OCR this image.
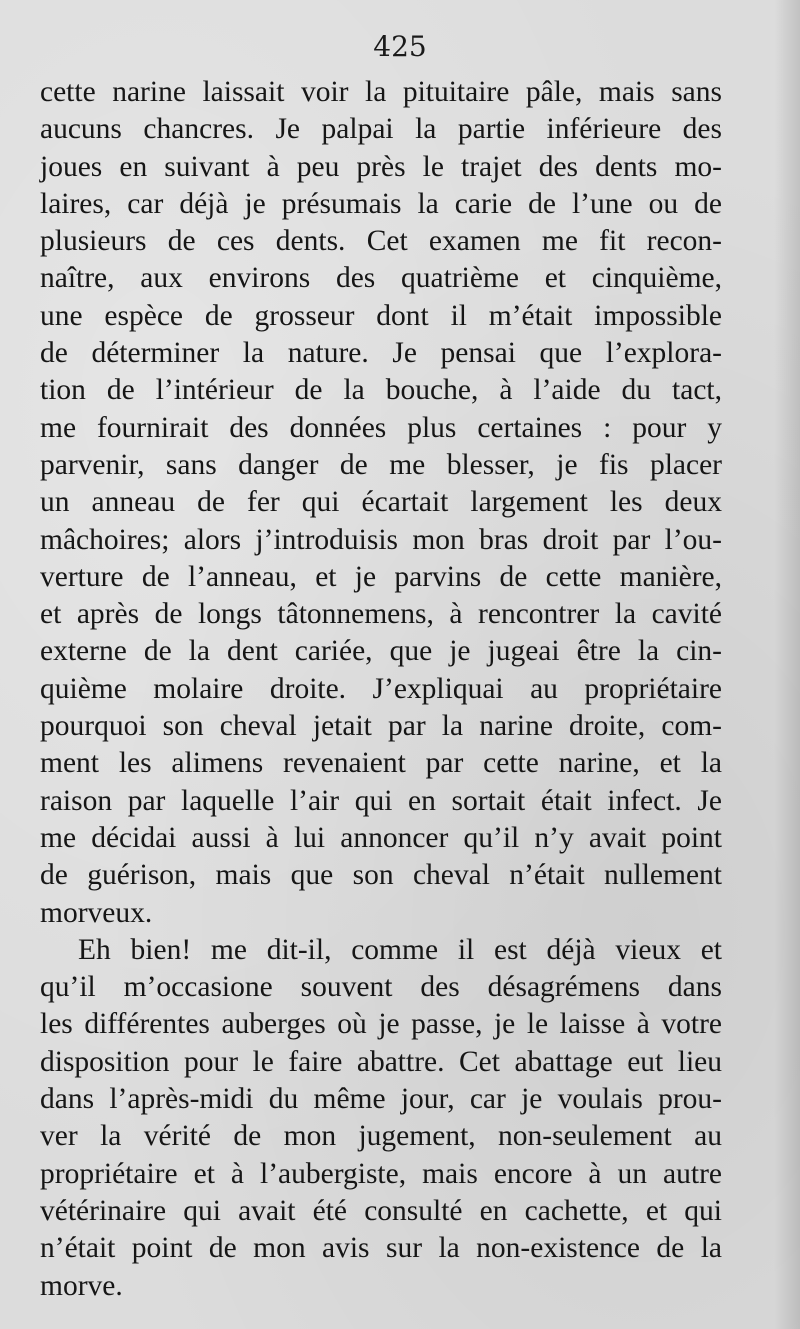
425
cette narine laissait voir la pituitaire pâle, mais sans
aucuns chancres. Je palpai la partie inférieure des
joues en suivant à peu près le trajet des dents mo-
laires, car déjà je présumais la carie de l’une ou de
plusieurs de ces dents. Cet examen me fit recon-
naître, aux environs des quatrième et cinquième,
une espèce de grosseur dont il m’était impossible
de déterminer la nature. Je pensai que l’explora-
tion de l’intérieur de la bouche, à l’aide du tact,
me fournirait des données plus certaines : pour y
parvenir, sans danger de me blesser, je fis placer
un anneau de fer qui écartait largement les deux
mâchoires; alors j’introduisis mon bras droit par l’ou-
verture de l’anneau, et je parvins de cette manière,
et après de longs tâtonnemens, à rencontrer la cavité
externe de la dent cariée, que je jugeai être la cin-
quième molaire droite. J’expliquai au propriétaire
pourquoi son cheval jetait par la narine droite, com-
ment les alimens revenaient par cette narine, et la
raison par laquelle l’air qui en sortait était infect. Je
me décidai aussi à lui annoncer qu’il n’y avait point
de guérison, mais que son cheval n’était nullement
morveux.
Eh bien! me dit-il, comme il est déjà vieux et
qu’il m’occasione souvent des désagrémens dans
les différentes auberges où je passe, je le laisse à votre
disposition pour le faire abattre. Cet abattage eut lieu
dans l’après-midi du même jour, car je voulais prou-
ver la vérité de mon jugement, non-seulement au
propriétaire et à l’aubergiste, mais encore à un autre
vétérinaire qui avait été consulté en cachette, et qui
n’était point de mon avis sur la non-existence de la
morve.
